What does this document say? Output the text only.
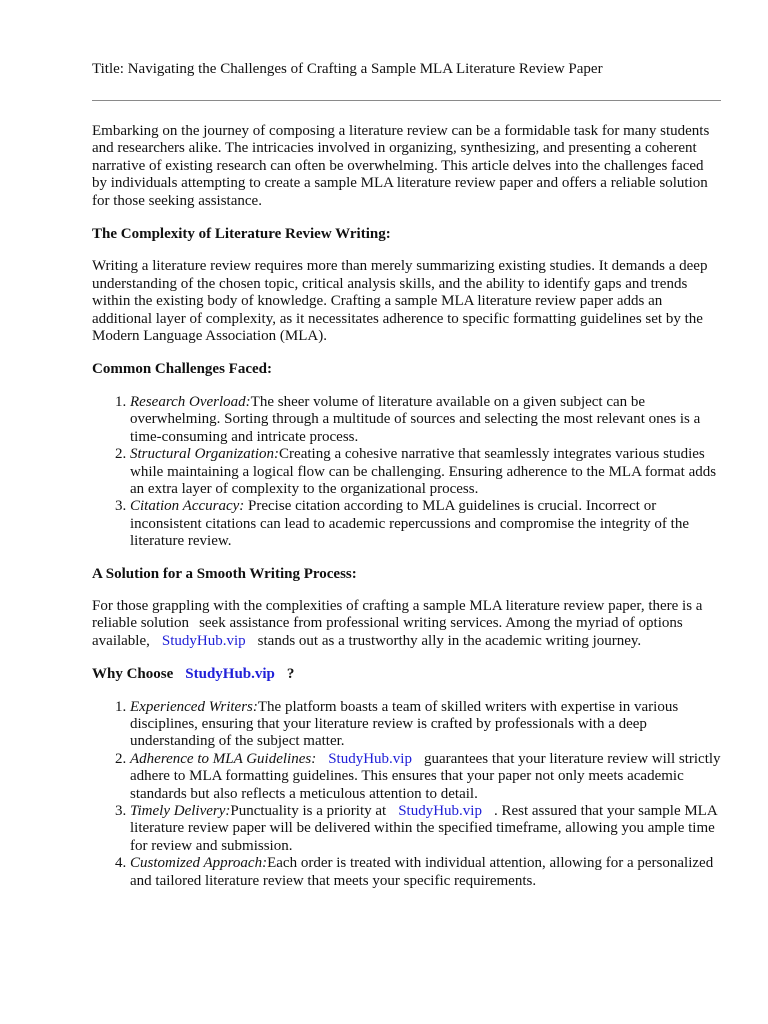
Title: Navigating the Challenges of Crafting a Sample MLA Literature Review Paper

Embarking on the journey of composing a literature review can be a formidable task for many students and researchers alike. The intricacies involved in organizing, synthesizing, and presenting a coherent narrative of existing research can often be overwhelming. This article delves into the challenges faced by individuals attempting to create a sample MLA literature review paper and offers a reliable solution for those seeking assistance.

The Complexity of Literature Review Writing:

Writing a literature review requires more than merely summarizing existing studies. It demands a deep understanding of the chosen topic, critical analysis skills, and the ability to identify gaps and trends within the existing body of knowledge. Crafting a sample MLA literature review paper adds an additional layer of complexity, as it necessitates adherence to specific formatting guidelines set by the Modern Language Association (MLA).

Common Challenges Faced:
1. Research Overload:The sheer volume of literature available on a given subject can be overwhelming. Sorting through a multitude of sources and selecting the most relevant ones is a time-consuming and intricate process.
2. Structural Organization:Creating a cohesive narrative that seamlessly integrates various studies while maintaining a logical flow can be challenging. Ensuring adherence to the MLA format adds an extra layer of complexity to the organizational process.
3. Citation Accuracy: Precise citation according to MLA guidelines is crucial. Incorrect or inconsistent citations can lead to academic repercussions and compromise the integrity of the literature review.
A Solution for a Smooth Writing Process:

For those grappling with the complexities of crafting a sample MLA literature review paper, there is a reliable solution seek assistance from professional writing services. Among the myriad of options available, StudyHub.vip stands out as a trustworthy ally in the academic writing journey.

Why Choose StudyHub.vip ?
1. Experienced Writers:The platform boasts a team of skilled writers with expertise in various disciplines, ensuring that your literature review is crafted by professionals with a deep understanding of the subject matter.
2. Adherence to MLA Guidelines: StudyHub.vip guarantees that your literature review will strictly adhere to MLA formatting guidelines. This ensures that your paper not only meets academic standards but also reflects a meticulous attention to detail.
3. Timely Delivery:Punctuality is a priority at StudyHub.vip . Rest assured that your sample MLA literature review paper will be delivered within the specified timeframe, allowing you ample time for review and submission.
4. Customized Approach:Each order is treated with individual attention, allowing for a personalized and tailored literature review that meets your specific requirements.
